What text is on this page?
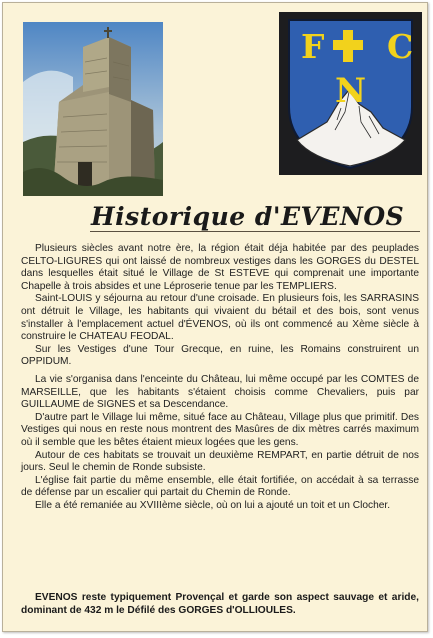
F C
N
Historique d'EVENOS

Plusieurs siècles avant notre ère, la région était déja habitée par des peuplades CELTO-LIGURES qui ont laissé de nombreux vestiges dans les GORGES du DESTEL dans lesquelles était situé le Village de St ESTEVE qui comprenait une importante Chapelle à trois absides et une Léproserie tenue par les TEMPLIERS.

Saint-LOUIS y séjourna au retour d'une croisade. En plusieurs fois, les SARRASINS ont détruit le Village, les habitants qui vivaient du bétail et des bois, sont venus s'installer à l'emplacement actuel d'ÉVENOS, où ils ont commencé au Xème siècle à construire le CHATEAU FEODAL.

Sur les Vestiges d'une Tour Grecque, en ruine, les Romains construirent un OPPIDUM.

La vie s'organisa dans l'enceinte du Château, lui même occupé par les COMTES de MARSEILLE, que les habitants s'étaient choisis comme Chevaliers, puis par GUILLAUME de SIGNES et sa Descendance.

D'autre part le Village lui même, situé face au Château, Village plus que primitif. Des Vestiges qui nous en reste nous montrent des Masûres de dix mètres carrés maximum où il semble que les bêtes étaient mieux logées que les gens.

Autour de ces habitats se trouvait un deuxième REMPART, en partie détruit de nos jours. Seul le chemin de Ronde subsiste.

L'église fait partie du même ensemble, elle était fortifiée, on accédait à sa terrasse de défense par un escalier qui partait du Chemin de Ronde.

Elle a été remaniée au XVIIIème siècle, où on lui a ajouté un toit et un Clocher.

EVENOS reste typiquement Provençal et garde son aspect sauvage et aride, dominant de 432 m le Défilé des GORGES d'OLLIOULES.
